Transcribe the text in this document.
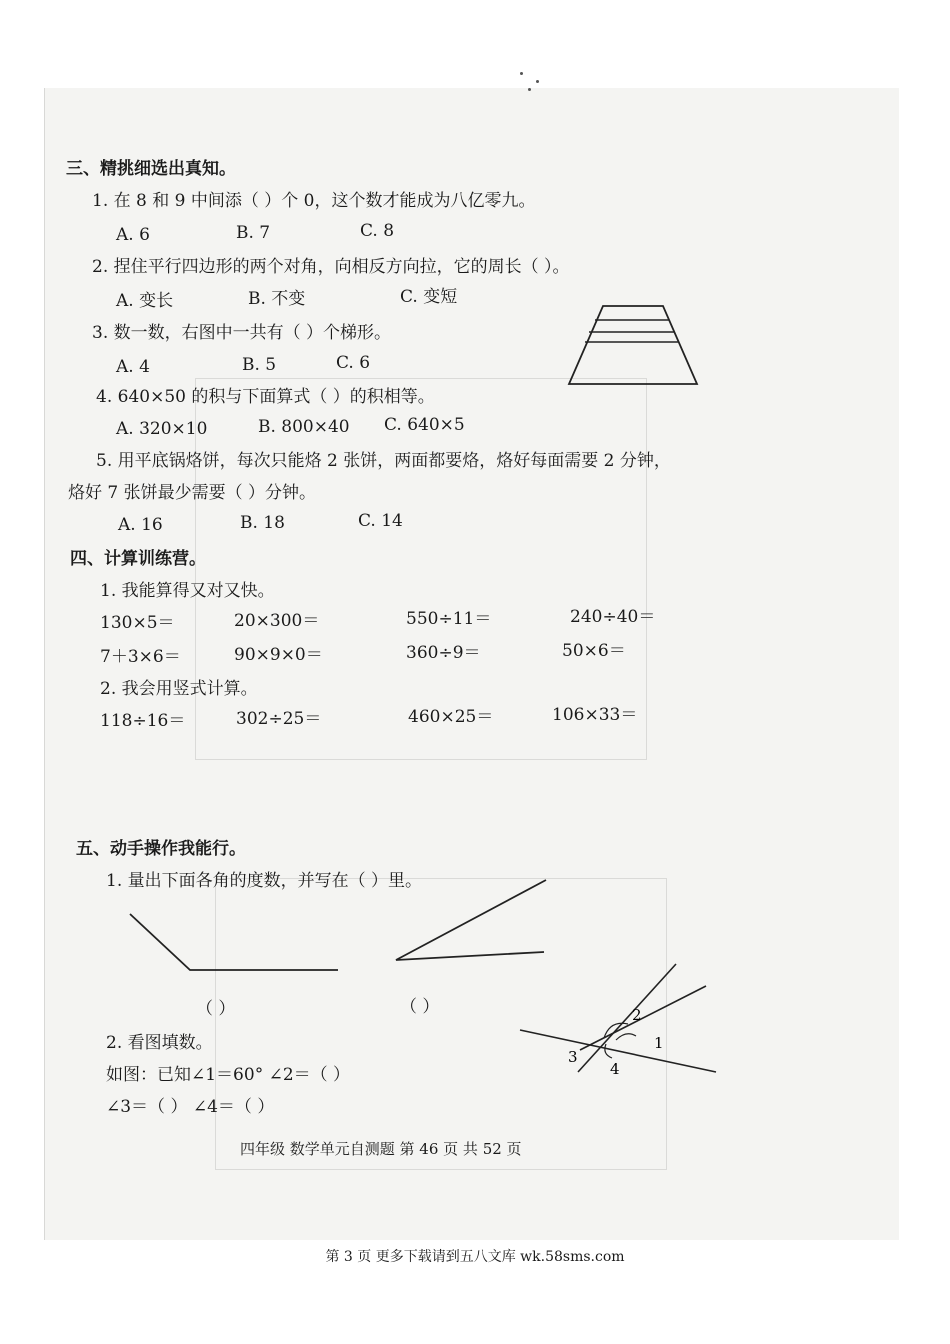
三、精挑细选出真知。
1. 在 8 和 9 中间添（ ）个 0，这个数才能成为八亿零九。
A. 6	B. 7	C. 8
2. 捏住平行四边形的两个对角，向相反方向拉，它的周长（ ）。
A. 变长	B. 不变	C. 变短
3. 数一数，右图中一共有（ ）个梯形。
A. 4	B. 5	C. 6
4. 640×50 的积与下面算式（ ）的积相等。
A. 320×10	B. 800×40 C. 640×5
5. 用平底锅烙饼，每次只能烙 2 张饼，两面都要烙，烙好每面需要 2 分钟，
烙好 7 张饼最少需要（ ）分钟。
A. 16	B. 18	C. 14
四、计算训练营。
1. 我能算得又对又快。
130×5＝	20×300＝	550÷11＝	240÷40＝
7＋3×6＝	90×9×0＝	360÷9＝	50×6＝
2. 我会用竖式计算。
118÷16＝	302÷25＝	460×25＝	106×33＝
五、动手操作我能行。
1. 量出下面各角的度数，并写在（ ）里。
（ ）	（ ）
2. 看图填数。
如图：已知∠1＝60° ∠2＝（ ）
∠3＝（ ） ∠4＝（ ）
1
2
3
4
四年级 数学单元自测题 第 46 页 共 52 页
第 3 页 更多下载请到五八文库 wk.58sms.com
